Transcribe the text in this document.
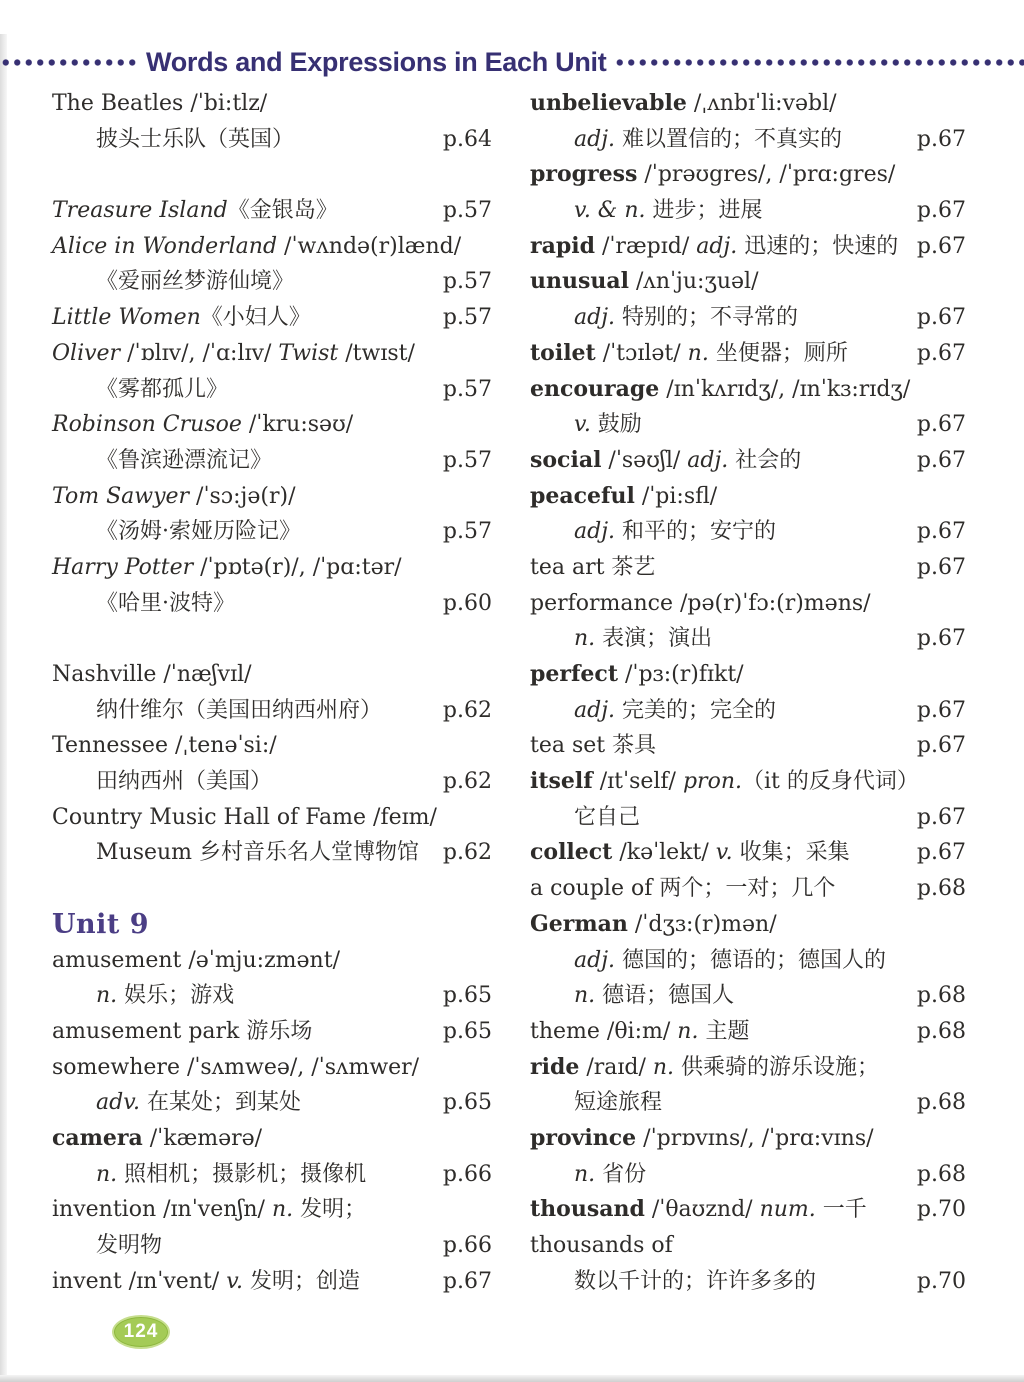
Words and Expressions in Each Unit
The Beatles /ˈbi:tlz/
披头士乐队（英国）	p.64
Treasure Island《金银岛》	p.57
Alice in Wonderland /ˈwʌndə(r)lænd/
《爱丽丝梦游仙境》	p.57
Little Women《小妇人》	p.57
Oliver /ˈɒlɪv/, /ˈɑ:lɪv/ Twist /twɪst/
《雾都孤儿》	p.57
Robinson Crusoe /ˈkru:səʊ/
《鲁滨逊漂流记》	p.57
Tom Sawyer /ˈsɔ:jə(r)/
《汤姆·索娅历险记》	p.57
Harry Potter /ˈpɒtə(r)/, /ˈpɑ:tər/
《哈里·波特》	p.60
Nashville /ˈnæʃvɪl/
纳什维尔（美国田纳西州府）	p.62
Tennessee /ˌtenəˈsi:/
田纳西州（美国）	p.62
Country Music Hall of Fame /feɪm/
Museum 乡村音乐名人堂博物馆 p.62
Unit 9
amusement /əˈmju:zmənt/
n. 娱乐；游戏	p.65
amusement park 游乐场	p.65
somewhere /ˈsʌmweə/, /ˈsʌmwer/
adv. 在某处；到某处	p.65
camera /ˈkæmərə/
n. 照相机；摄影机；摄像机	p.66
invention /ɪnˈvenʃn/ n. 发明；
发明物	p.66
invent /ɪnˈvent/ v. 发明；创造	p.67
unbelievable /ˌʌnbɪˈli:vəbl/
adj. 难以置信的；不真实的	p.67
progress /ˈprəʊgres/, /ˈprɑ:gres/
v. & n. 进步；进展	p.67
rapid /ˈræpɪd/ adj. 迅速的；快速的 p.67
unusual /ʌnˈju:ʒuəl/
adj. 特别的；不寻常的	p.67
toilet /ˈtɔɪlət/ n. 坐便器；厕所	p.67
encourage /ɪnˈkʌrɪdʒ/, /ɪnˈkɜ:rɪdʒ/
v. 鼓励	p.67
social /ˈsəʊʃl/ adj. 社会的	p.67
peaceful /ˈpi:sfl/
adj. 和平的；安宁的	p.67
tea art 茶艺	p.67
performance /pə(r)ˈfɔ:(r)məns/
n. 表演；演出	p.67
perfect /ˈpɜ:(r)fɪkt/
adj. 完美的；完全的	p.67
tea set 茶具	p.67
itself /ɪtˈself/ pron.（it 的反身代词）
它自己	p.67
collect /kəˈlekt/ v. 收集；采集	p.67
a couple of 两个；一对；几个	p.68
German /ˈdʒɜ:(r)mən/
adj. 德国的；德语的；德国人的
n. 德语；德国人	p.68
theme /θi:m/ n. 主题	p.68
ride /raɪd/ n. 供乘骑的游乐设施；
短途旅程	p.68
province /ˈprɒvɪns/, /ˈprɑ:vɪns/
n. 省份	p.68
thousand /ˈθaʊznd/ num. 一千 p.70
thousands of
数以千计的；许许多多的	p.70
124
